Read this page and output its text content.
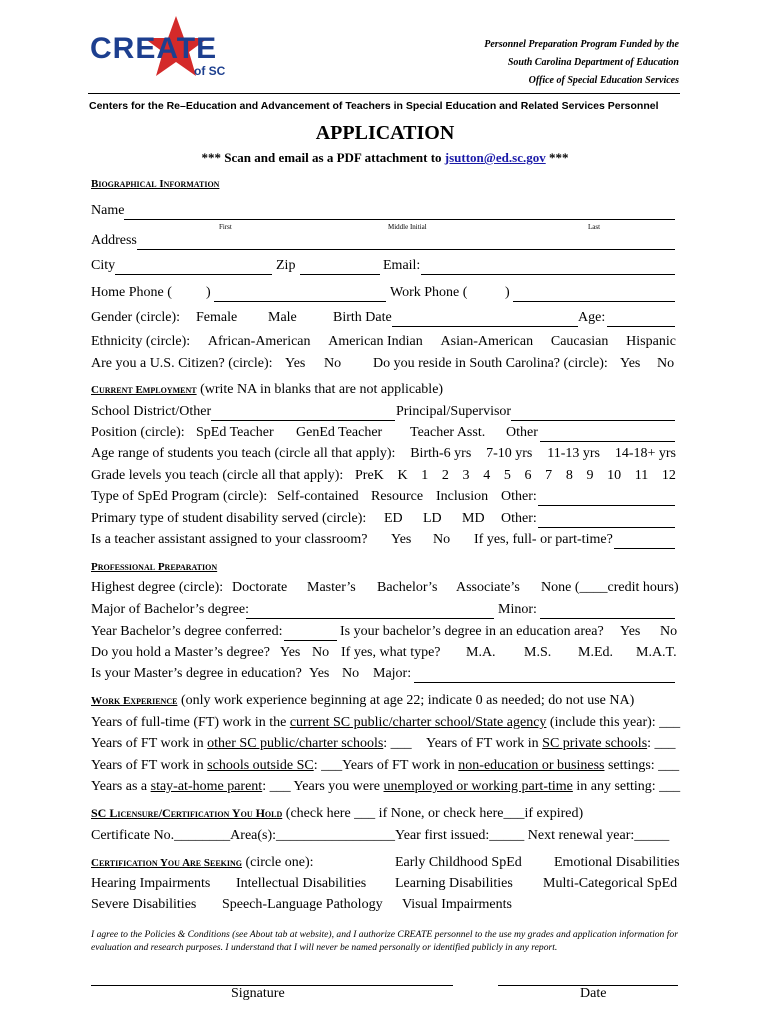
CREATE
of SC
Personnel Preparation Program Funded by the
South Carolina Department of Education
Office of Special Education Services
Centers for the Re–Education and Advancement of Teachers in Special Education and Related Services Personnel
APPLICATION
*** Scan and email as a PDF attachment to jsutton@ed.sc.gov ***
Biographical Information
Name
First	Middle Initial	Last
Address
City	Zip	Email:
Home Phone ( )	Work Phone (	)
Gender (circle): Female Male	Birth Date	Age:
Ethnicity (circle): African-American American Indian Asian-American Caucasian Hispanic
Are you a U.S. Citizen? (circle): Yes No Do you reside in South Carolina? (circle): Yes No
Current Employment (write NA in blanks that are not applicable)
School District/Other	Principal/Supervisor
Position (circle): SpEd Teacher GenEd Teacher Teacher Asst. Other
Age range of students you teach (circle all that apply): Birth-6 yrs 7-10 yrs 11-13 yrs 14-18+ yrs
Grade levels you teach (circle all that apply): PreK K 1 2 3 4 5 6 7 8 9 10 11 12
Type of SpEd Program (circle): Self-contained Resource Inclusion Other:
Primary type of student disability served (circle): ED LD MD Other:
Is a teacher assistant assigned to your classroom? Yes No If yes, full- or part-time?
Professional Preparation
Highest degree (circle): Doctorate Master’s Bachelor’s Associate’s None (____credit hours)
Major of Bachelor’s degree:	Minor:
Year Bachelor’s degree conferred:	Is your bachelor’s degree in an education area? Yes No
Do you hold a Master’s degree? Yes No If yes, what type? M.A. M.S. M.Ed. M.A.T.
Is your Master’s degree in education? Yes No Major:
Work Experience (only work experience beginning at age 22; indicate 0 as needed; do not use NA)
Years of full-time (FT) work in the current SC public/charter school/State agency (include this year): ___
Years of FT work in other SC public/charter schools: ___ Years of FT work in SC private schools: ___
Years of FT work in schools outside SC: ___Years of FT work in non-education or business settings: ___
Years as a stay-at-home parent: ___ Years you were unemployed or working part-time in any setting: ___
SC Licensure/Certification You Hold (check here ___ if None, or check here___if expired)
Certificate No.________Area(s):_________________Year first issued:_____ Next renewal year:_____
Certification You Are Seeking (circle one):	Early Childhood SpEd Emotional Disabilities
Hearing Impairments Intellectual Disabilities Learning Disabilities Multi-Categorical SpEd
Severe Disabilities Speech-Language Pathology Visual Impairments
I agree to the Policies & Conditions (see About tab at website), and I authorize CREATE personnel to the use my grades and application information for evaluation and research purposes. I understand that I will never be named personally or identified publicly in any report.
Signature	Date
